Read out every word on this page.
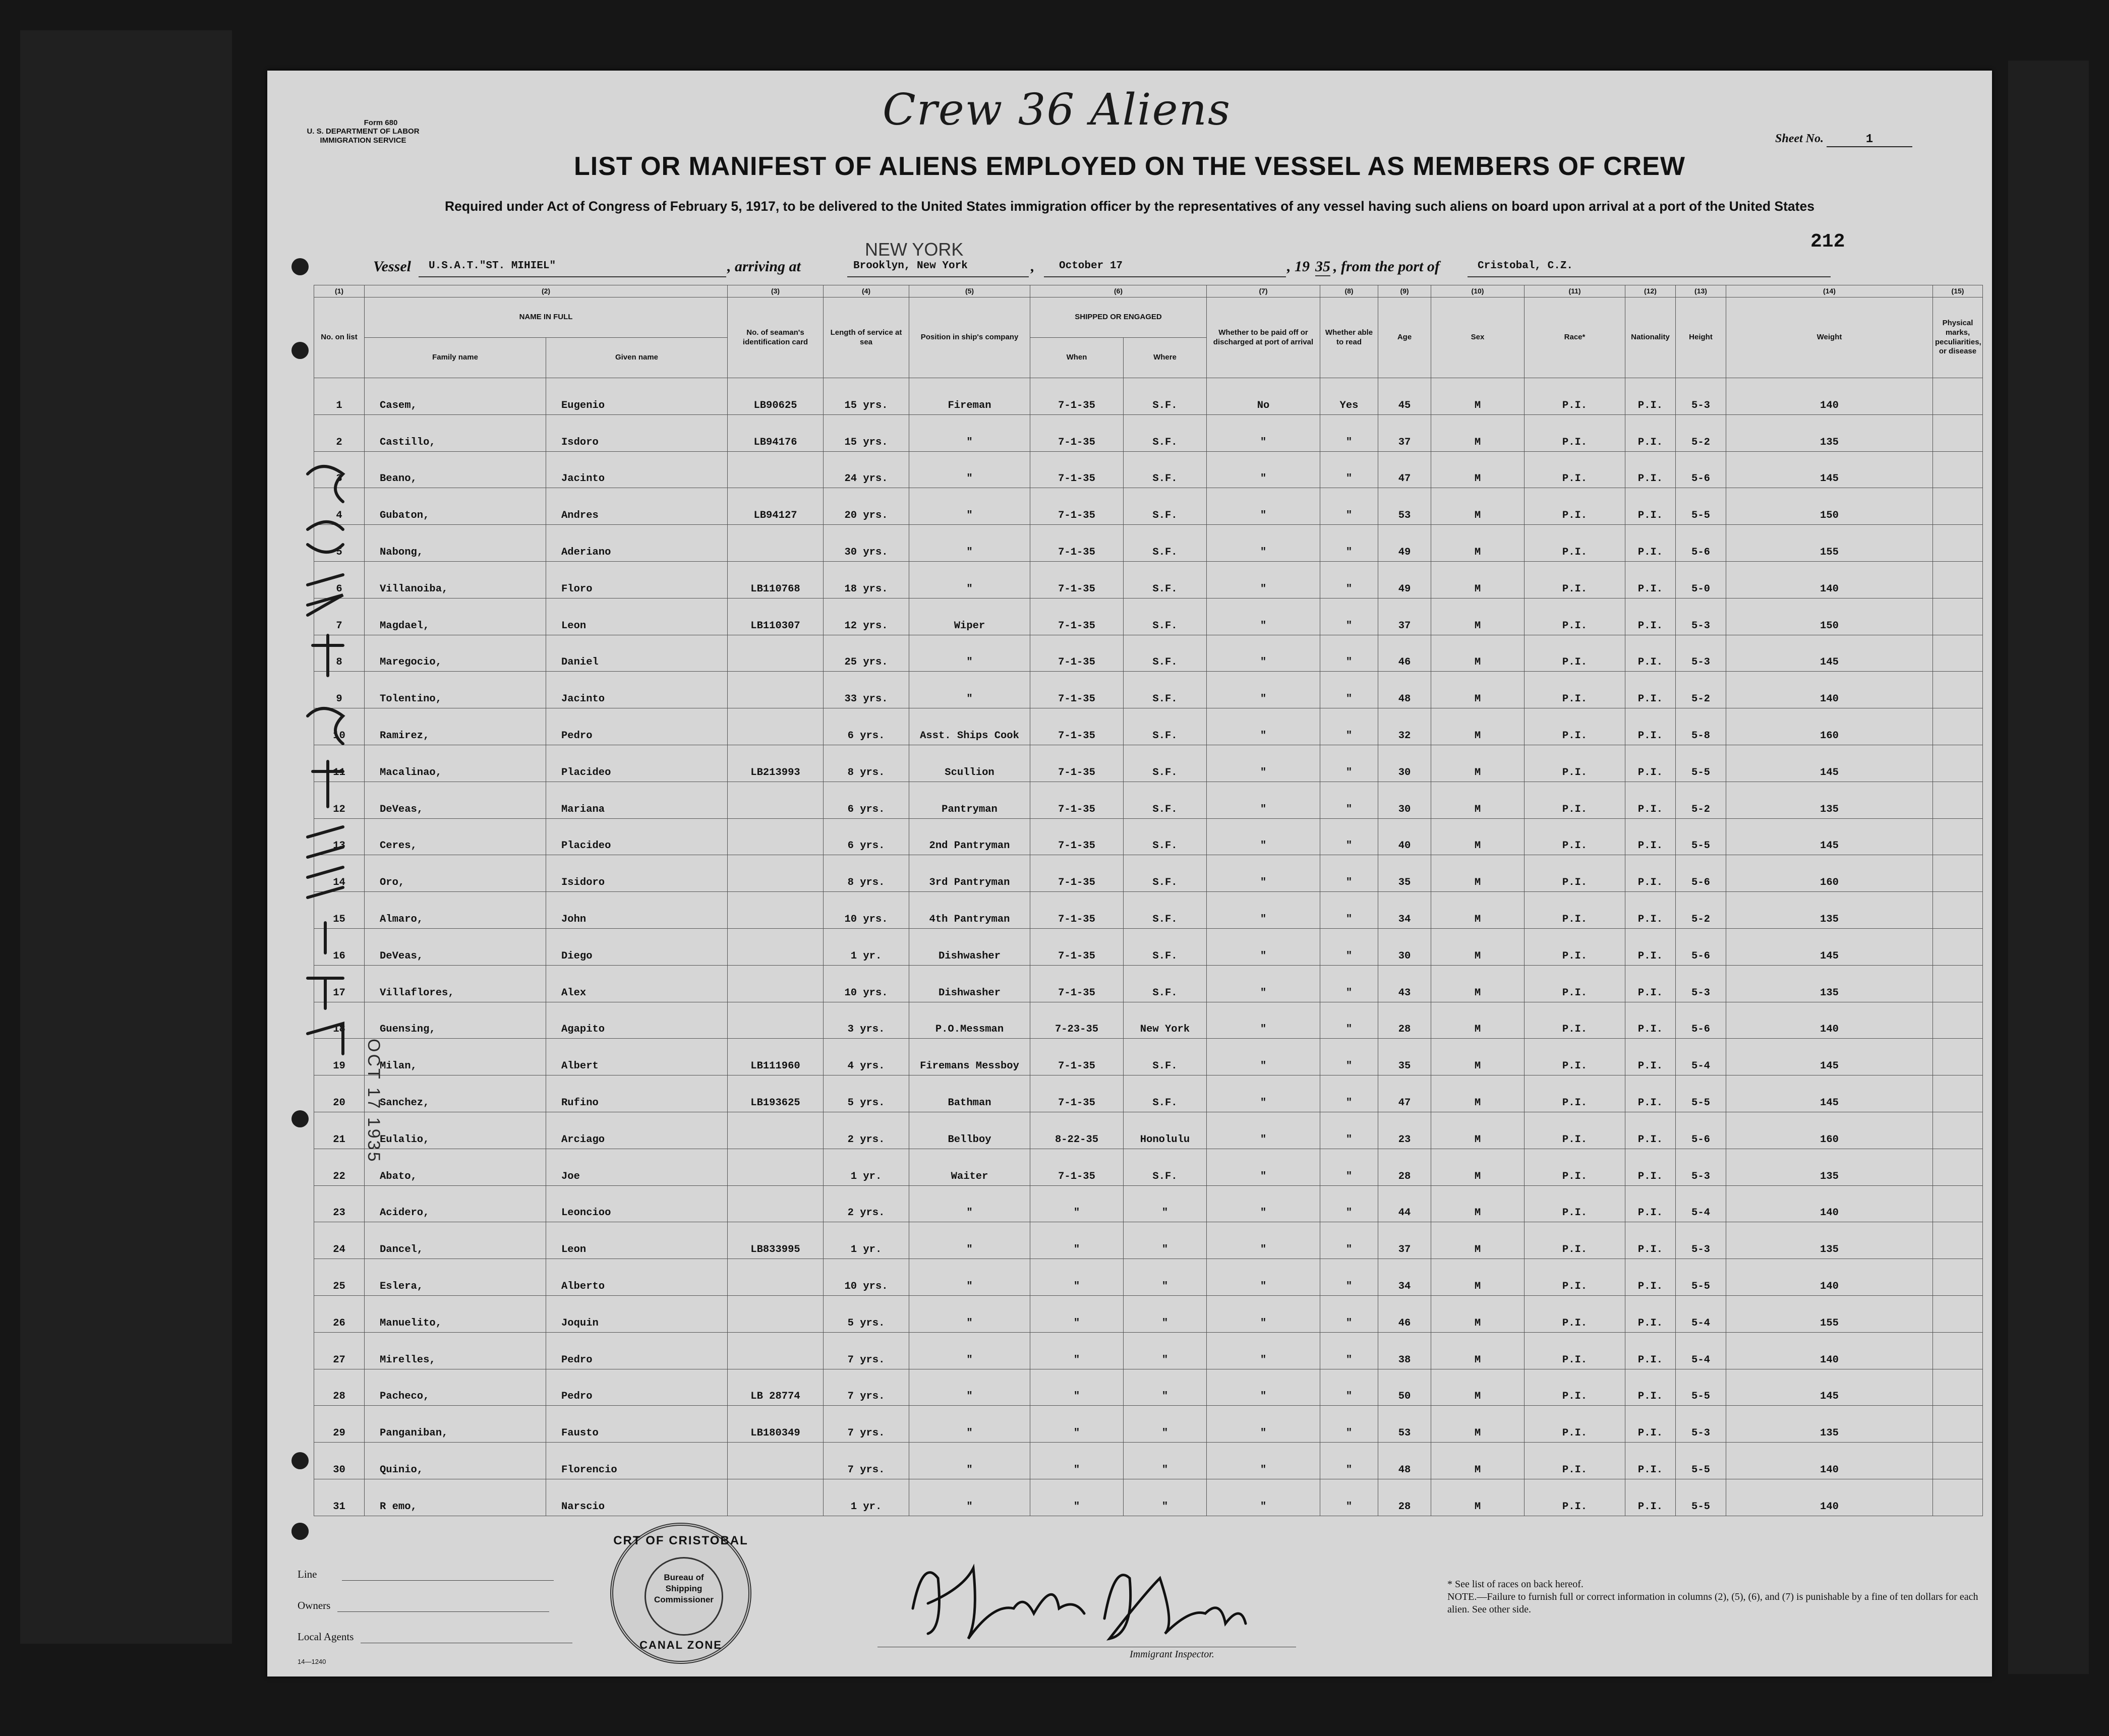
Form 680
U. S. DEPARTMENT OF LABOR
IMMIGRATION SERVICE
Crew 36 Aliens
Sheet No.	1
LIST OR MANIFEST OF ALIENS EMPLOYED ON THE VESSEL AS MEMBERS OF CREW
Required under Act of Congress of February 5, 1917, to be delivered to the United States immigration officer by the representatives of any vessel having such aliens on board upon arrival at a port of the United States
212
Vessel	U.S.A.T."ST. MIHIEL"	, arriving at
NEW YORK
Brooklyn, New York	,	October 17	, 19 35 , from the port of	Cristobal, C.Z.
(1)	(2)		(3)	(4)	(5)	(6)		(7)	(8)	(9)	(10)	(11)	(12)	(13)	(14)	(15)
No. on list	NAME IN FULL		No. of seaman's identification card	Length of service at sea	Position in ship's company	SHIPPED OR ENGAGED		Whether to be paid off or discharged at port of arrival	Whether able to read	Age	Sex	Race*	Nationality	Height	Weight	Physical marks, peculiarities, or disease
	Family name	Given name				When	Where									
1	Casem,	Eugenio	LB90625	15 yrs.	Fireman	7-1-35	S.F.	No	Yes	45	M	P.I.	P.I.	5-3	140	
2	Castillo,	Isdoro	LB94176	15 yrs.	"	7-1-35	S.F.	"	"	37	M	P.I.	P.I.	5-2	135	
3	Beano,	Jacinto		24 yrs.	"	7-1-35	S.F.	"	"	47	M	P.I.	P.I.	5-6	145	
4	Gubaton,	Andres	LB94127	20 yrs.	"	7-1-35	S.F.	"	"	53	M	P.I.	P.I.	5-5	150	
5	Nabong,	Aderiano		30 yrs.	"	7-1-35	S.F.	"	"	49	M	P.I.	P.I.	5-6	155	
6	Villanoiba,	Floro	LB110768	18 yrs.	"	7-1-35	S.F.	"	"	49	M	P.I.	P.I.	5-0	140	
7	Magdael,	Leon	LB110307	12 yrs.	Wiper	7-1-35	S.F.	"	"	37	M	P.I.	P.I.	5-3	150	
8	Maregocio,	Daniel		25 yrs.	"	7-1-35	S.F.	"	"	46	M	P.I.	P.I.	5-3	145	
9	Tolentino,	Jacinto		33 yrs.	"	7-1-35	S.F.	"	"	48	M	P.I.	P.I.	5-2	140	
10	Ramirez,	Pedro		6 yrs.	Asst. Ships Cook	7-1-35	S.F.	"	"	32	M	P.I.	P.I.	5-8	160	
11	Macalinao,	Placideo	LB213993	8 yrs.	Scullion	7-1-35	S.F.	"	"	30	M	P.I.	P.I.	5-5	145	
12	DeVeas,	Mariana		6 yrs.	Pantryman	7-1-35	S.F.	"	"	30	M	P.I.	P.I.	5-2	135	
13	Ceres,	Placideo		6 yrs.	2nd Pantryman	7-1-35	S.F.	"	"	40	M	P.I.	P.I.	5-5	145	
14	Oro,	Isidoro		8 yrs.	3rd Pantryman	7-1-35	S.F.	"	"	35	M	P.I.	P.I.	5-6	160	
15	Almaro,	John		10 yrs.	4th Pantryman	7-1-35	S.F.	"	"	34	M	P.I.	P.I.	5-2	135	
16	DeVeas,	Diego		1 yr.	Dishwasher	7-1-35	S.F.	"	"	30	M	P.I.	P.I.	5-6	145	
17	Villaflores,	Alex		10 yrs.	Dishwasher	7-1-35	S.F.	"	"	43	M	P.I.	P.I.	5-3	135	
18	Guensing,	Agapito		3 yrs.	P.O.Messman	7-23-35	New York	"	"	28	M	P.I.	P.I.	5-6	140	
19	Milan,	Albert	LB111960	4 yrs.	Firemans Messboy	7-1-35	S.F.	"	"	35	M	P.I.	P.I.	5-4	145	
20	Sanchez,	Rufino	LB193625	5 yrs.	Bathman	7-1-35	S.F.	"	"	47	M	P.I.	P.I.	5-5	145	
21	Eulalio,	Arciago		2 yrs.	Bellboy	8-22-35	Honolulu	"	"	23	M	P.I.	P.I.	5-6	160	
22	Abato,	Joe		1 yr.	Waiter	7-1-35	S.F.	"	"	28	M	P.I.	P.I.	5-3	135	
23	Acidero,	Leoncioo		2 yrs.	"	"	"	"	"	44	M	P.I.	P.I.	5-4	140	
24	Dancel,	Leon	LB833995	1 yr.	"	"	"	"	"	37	M	P.I.	P.I.	5-3	135	
25	Eslera,	Alberto		10 yrs.	"	"	"	"	"	34	M	P.I.	P.I.	5-5	140	
26	Manuelito,	Joquin		5 yrs.	"	"	"	"	"	46	M	P.I.	P.I.	5-4	155	
27	Mirelles,	Pedro		7 yrs.	"	"	"	"	"	38	M	P.I.	P.I.	5-4	140	
28	Pacheco,	Pedro	LB 28774	7 yrs.	"	"	"	"	"	50	M	P.I.	P.I.	5-5	145	
29	Panganiban,	Fausto	LB180349	7 yrs.	"	"	"	"	"	53	M	P.I.	P.I.	5-3	135	
30	Quinio,	Florencio		7 yrs.	"	"	"	"	"	48	M	P.I.	P.I.	5-5	140	
31	R emo,	Narscio		1 yr.	"	"	"	"	"	28	M	P.I.	P.I.	5-5	140	
OCT 17 1935
Line
Owners
Local Agents
14—1240
CRT OF CRISTOBAL
Bureau of Shipping Commissioner
CANAL ZONE
Immigrant Inspector.
* See list of races on back hereof.
NOTE.—Failure to furnish full or correct information in columns (2), (5), (6), and (7) is punishable by a fine of ten dollars for each alien. See other side.
